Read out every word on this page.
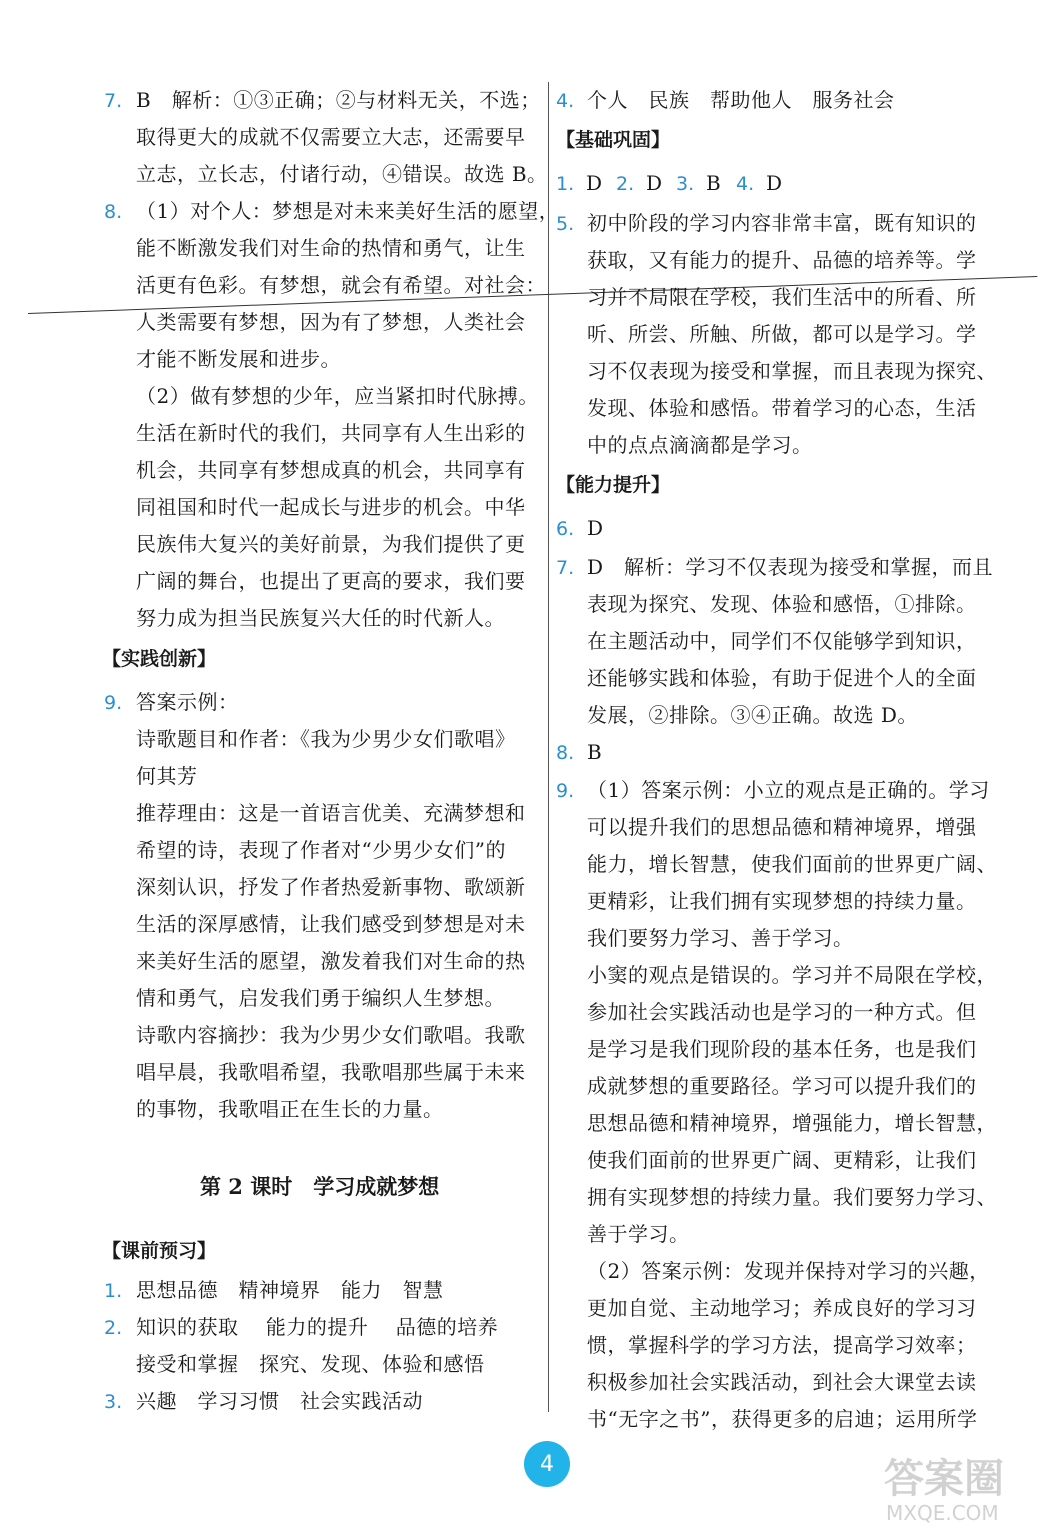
4	答案圈
MXQE.COM
7. B　解析：①③正确；②与材料无关，不选；
取得更大的成就不仅需要立大志，还需要早
立志，立长志，付诸行动，④错误。故选 B。
8. （1）对个人：梦想是对未来美好生活的愿望，
能不断激发我们对生命的热情和勇气，让生
活更有色彩。有梦想，就会有希望。对社会：
人类需要有梦想，因为有了梦想，人类社会
才能不断发展和进步。
（2）做有梦想的少年，应当紧扣时代脉搏。
生活在新时代的我们，共同享有人生出彩的
机会，共同享有梦想成真的机会，共同享有
同祖国和时代一起成长与进步的机会。中华
民族伟大复兴的美好前景，为我们提供了更
广阔的舞台，也提出了更高的要求，我们要
努力成为担当民族复兴大任的时代新人。
【实践创新】
9. 答案示例：
诗歌题目和作者：《我为少男少女们歌唱》
何其芳
推荐理由：这是一首语言优美、充满梦想和
希望的诗，表现了作者对“少男少女们”的
深刻认识，抒发了作者热爱新事物、歌颂新
生活的深厚感情，让我们感受到梦想是对未
来美好生活的愿望，激发着我们对生命的热
情和勇气，启发我们勇于编织人生梦想。
诗歌内容摘抄：我为少男少女们歌唱。我歌
唱早晨，我歌唱希望，我歌唱那些属于未来
的事物，我歌唱正在生长的力量。
第 2 课时　学习成就梦想
【课前预习】
1. 思想品德　精神境界　能力　智慧
2. 知识的获取　 能力的提升　 品德的培养
接受和掌握　探究、发现、体验和感悟
3. 兴趣　学习习惯　社会实践活动
4. 个人　民族　帮助他人　服务社会
【基础巩固】
1. D 2. D 3. B 4. D
5. 初中阶段的学习内容非常丰富，既有知识的
获取，又有能力的提升、品德的培养等。学
习并不局限在学校，我们生活中的所看、所
听、所尝、所触、所做，都可以是学习。学
习不仅表现为接受和掌握，而且表现为探究、
发现、体验和感悟。带着学习的心态，生活
中的点点滴滴都是学习。
【能力提升】
6. D
7. D　解析：学习不仅表现为接受和掌握，而且
表现为探究、发现、体验和感悟，①排除。
在主题活动中，同学们不仅能够学到知识，
还能够实践和体验，有助于促进个人的全面
发展，②排除。③④正确。故选 D。
8. B
9. （1）答案示例：小立的观点是正确的。学习
可以提升我们的思想品德和精神境界，增强
能力，增长智慧，使我们面前的世界更广阔、
更精彩，让我们拥有实现梦想的持续力量。
我们要努力学习、善于学习。
小窦的观点是错误的。学习并不局限在学校，
参加社会实践活动也是学习的一种方式。但
是学习是我们现阶段的基本任务，也是我们
成就梦想的重要路径。学习可以提升我们的
思想品德和精神境界，增强能力，增长智慧，
使我们面前的世界更广阔、更精彩，让我们
拥有实现梦想的持续力量。我们要努力学习、
善于学习。
（2）答案示例：发现并保持对学习的兴趣，
更加自觉、主动地学习；养成良好的学习习
惯，掌握科学的学习方法，提高学习效率；
积极参加社会实践活动，到社会大课堂去读
书“无字之书”，获得更多的启迪；运用所学
